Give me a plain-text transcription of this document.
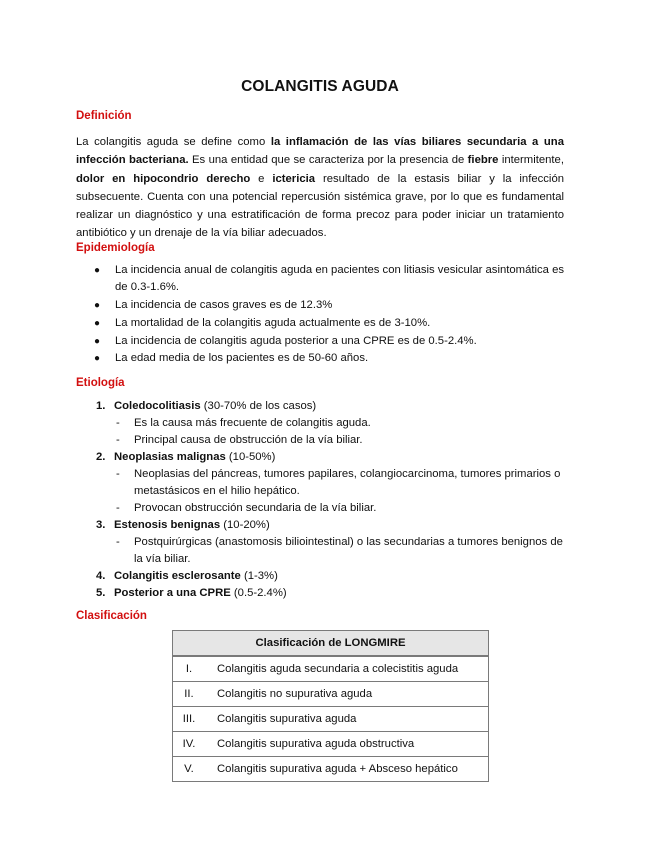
COLANGITIS AGUDA
Definición
La colangitis aguda se define como la inflamación de las vías biliares secundaria a una infección bacteriana. Es una entidad que se caracteriza por la presencia de fiebre intermitente, dolor en hipocondrio derecho e ictericia resultado de la estasis biliar y la infección subsecuente. Cuenta con una potencial repercusión sistémica grave, por lo que es fundamental realizar un diagnóstico y una estratificación de forma precoz para poder iniciar un tratamiento antibiótico y un drenaje de la vía biliar adecuados.
Epidemiología
● La incidencia anual de colangitis aguda en pacientes con litiasis vesicular asintomática es de 0.3-1.6%.
● La incidencia de casos graves es de 12.3%
● La mortalidad de la colangitis aguda actualmente es de 3-10%.
● La incidencia de colangitis aguda posterior a una CPRE es de 0.5-2.4%.
● La edad media de los pacientes es de 50-60 años.
Etiología
1. Coledocolitiasis (30-70% de los casos)
- Es la causa más frecuente de colangitis aguda.
- Principal causa de obstrucción de la vía biliar.
2. Neoplasias malignas (10-50%)
- Neoplasias del páncreas, tumores papilares, colangiocarcinoma, tumores primarios o metastásicos en el hilio hepático.
- Provocan obstrucción secundaria de la vía biliar.
3. Estenosis benignas (10-20%)
- Postquirúrgicas (anastomosis biliointestinal) o las secundarias a tumores benignos de la vía biliar.
4. Colangitis esclerosante (1-3%)
5. Posterior a una CPRE (0.5-2.4%)
Clasificación
Clasificación de LONGMIRE	
I.	Colangitis aguda secundaria a colecistitis aguda
II.	Colangitis no supurativa aguda
III.	Colangitis supurativa aguda
IV.	Colangitis supurativa aguda obstructiva
V.	Colangitis supurativa aguda + Absceso hepático
